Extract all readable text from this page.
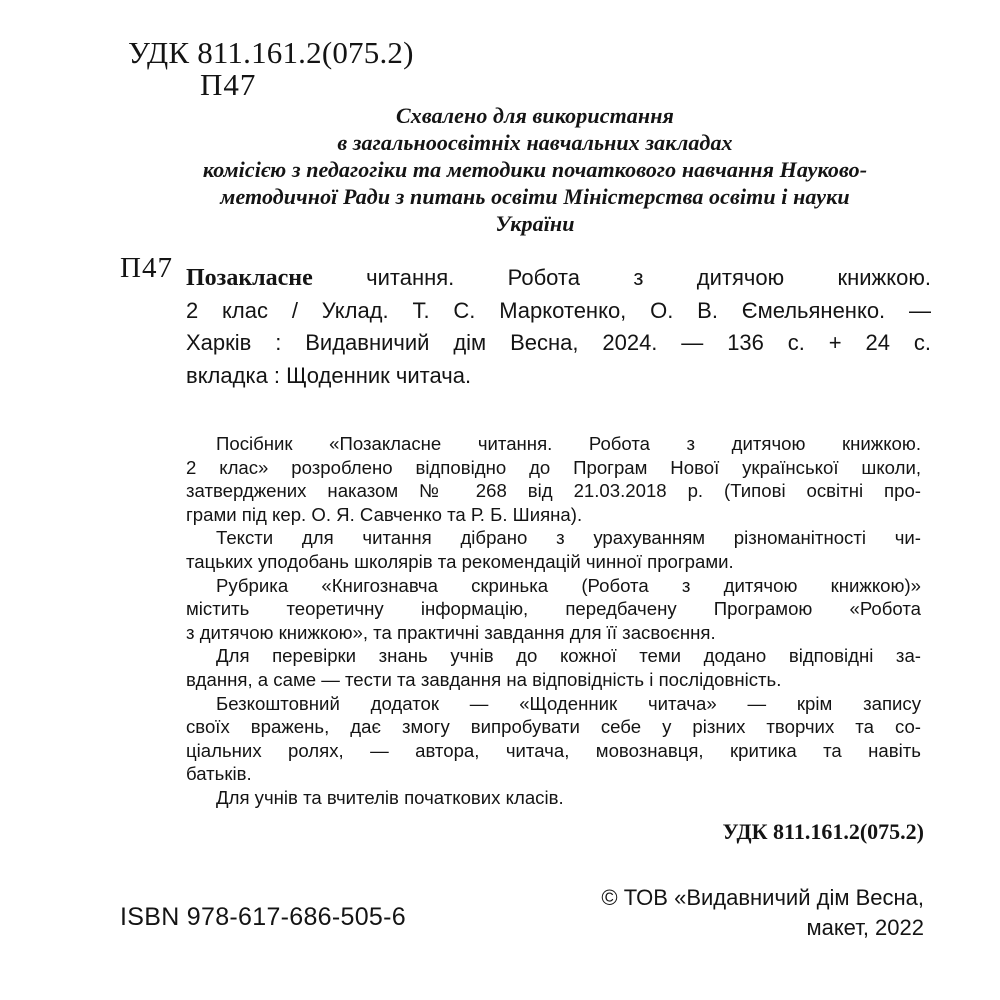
УДК 811.161.2(075.2)
П47
Схвалено для використання
в загальноосвітніх навчальних закладах
комісією з педагогіки та методики початкового навчання Науково-
методичної Ради з питань освіти Міністерства освіти і науки
України
П47 Позакласне читання. Робота з дитячою книжкою.
2 клас / Уклад. Т. С. Маркотенко, О. В. Ємельяненко. —
Харків : Видавничий дім Весна, 2024. — 136 с. + 24 с.
вкладка : Щоденник читача.
Посібник «Позакласне читання. Робота з дитячою книжкою.
2 клас» розроблено відповідно до Програм Нової української школи,
затверджених наказом № 268 від 21.03.2018 р. (Типові освітні про-
грами під кер. О. Я. Савченко та Р. Б. Шияна).
Тексти для читання дібрано з урахуванням різноманітності чи-
тацьких уподобань школярів та рекомендацій чинної програми.
Рубрика «Книгознавча скринька (Робота з дитячою книжкою)»
містить теоретичну інформацію, передбачену Програмою «Робота
з дитячою книжкою», та практичні завдання для її засвоєння.
Для перевірки знань учнів до кожної теми додано відповідні за-
вдання, а саме — тести та завдання на відповідність і послідовність.
Безкоштовний додаток — «Щоденник читача» — крім запису
своїх вражень, дає змогу випробувати себе у різних творчих та со-
ціальних ролях, — автора, читача, мовознавця, критика та навіть
батьків.
Для учнів та вчителів початкових класів.
УДК 811.161.2(075.2)
© ТОВ «Видавничий дім Весна,
макет, 2022
ISBN 978-617-686-505-6
